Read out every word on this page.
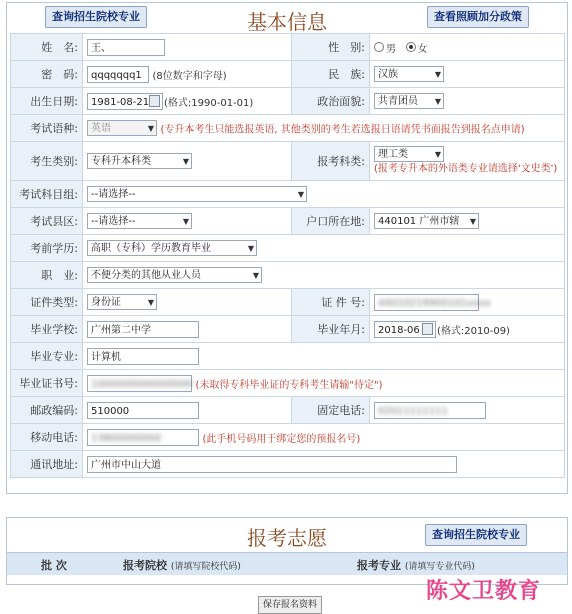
查询招生院校专业	基本信息	查看照顾加分政策
姓　名:	王、	性　别:	男 女
密　码:	qqqqqqq1 (8位数字和字母)	民　族:	汉族 ▼

出生日期:	1981-08-21 (格式:1990-01-01)	政治面貌:	共青团员 ▼

考试语种:	英语 ▼ (专升本考生只能选报英语, 其他类别的考生若选报日语请凭书面报告到报名点申请)		
考生类别:	专科升本科类 ▼	报考科类:	理工类 ▼

(报考专升本的外语类专业请选择'文史类')
考试科目组:	--请选择-- ▼		

考试县区:	--请选择-- ▼	户口所在地:	440101 广州市辖 ▼

考前学历:	高职（专科）学历教育毕业 ▼		

职　业:	不便分类的其他从业人员 ▼		

证件类型:	身份证 ▼	证 件 号:	44010219900101xxxx
毕业学校:	广州第二中学	毕业年月:	2018-06 (格式:2010-09)
毕业专业:	计算机		
毕业证书号:	1000000000000000 (未取得专科毕业证的专科考生请输"待定")		
邮政编码:	510000	固定电话:	02011111111
移动电话:	13800000000 (此手机号码用于绑定您的预报名号)		
通讯地址:	广州市中山大道		
报考志愿	查询招生院校专业
批 次	报考院校 (请填写院校代码)	报考专业 (请填写专业代码)
保存报名资料
陈文卫教育
